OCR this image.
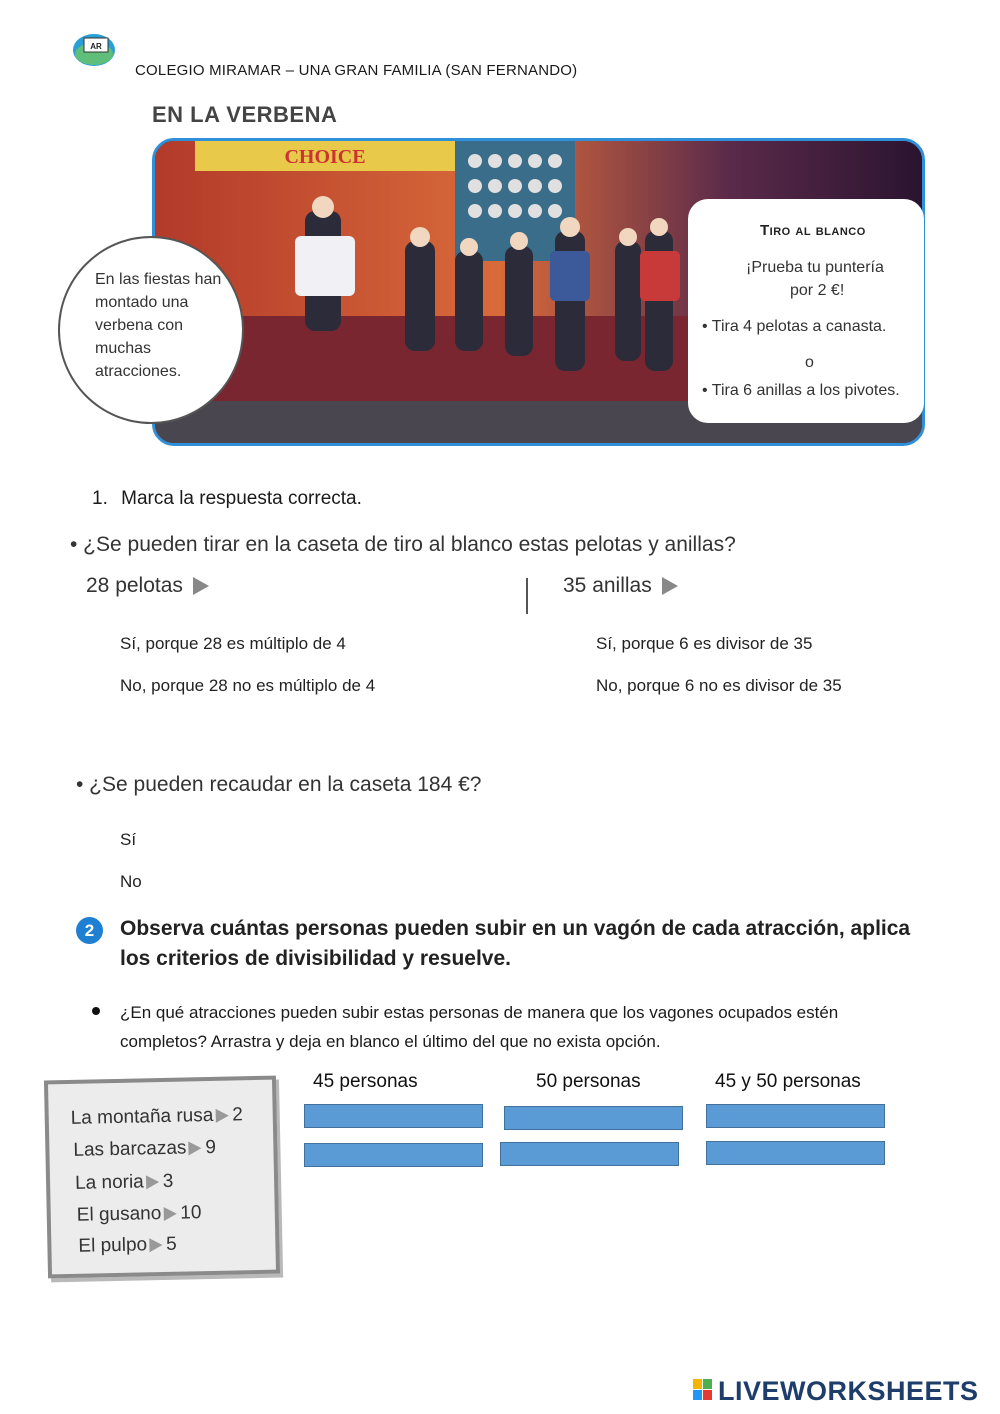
AR
COLEGIO MIRAMAR – UNA GRAN FAMILIA (SAN FERNANDO)
EN LA VERBENA
CHOICE
En las fiestas han montado una verbena con muchas atracciones.
Tiro al blanco
¡Prueba tu puntería
por 2 €!
• Tira 4 pelotas a canasta.
o
• Tira 6 anillas a los pivotes.
1. Marca la respuesta correcta.
• ¿Se pueden tirar en la caseta de tiro al blanco estas pelotas y anillas?
28 pelotas	35 anillas
Sí, porque 28 es múltiplo de 4
No, porque 28 no es múltiplo de 4
Sí, porque 6 es divisor de 35
No, porque 6 no es divisor de 35
• ¿Se pueden recaudar en la caseta 184 €?
Sí
No
2	Observa cuántas personas pueden subir en un vagón de cada atracción, aplica los criterios de divisibilidad y resuelve.
¿En qué atracciones pueden subir estas personas de manera que los vagones ocupados estén completos? Arrastra y deja en blanco el último del que no exista opción.
45 personas	50 personas	45 y 50 personas
La montaña rusa 2
Las barcazas 9
La noria 3
El gusano 10
El pulpo 5
LIVEWORKSHEETS
